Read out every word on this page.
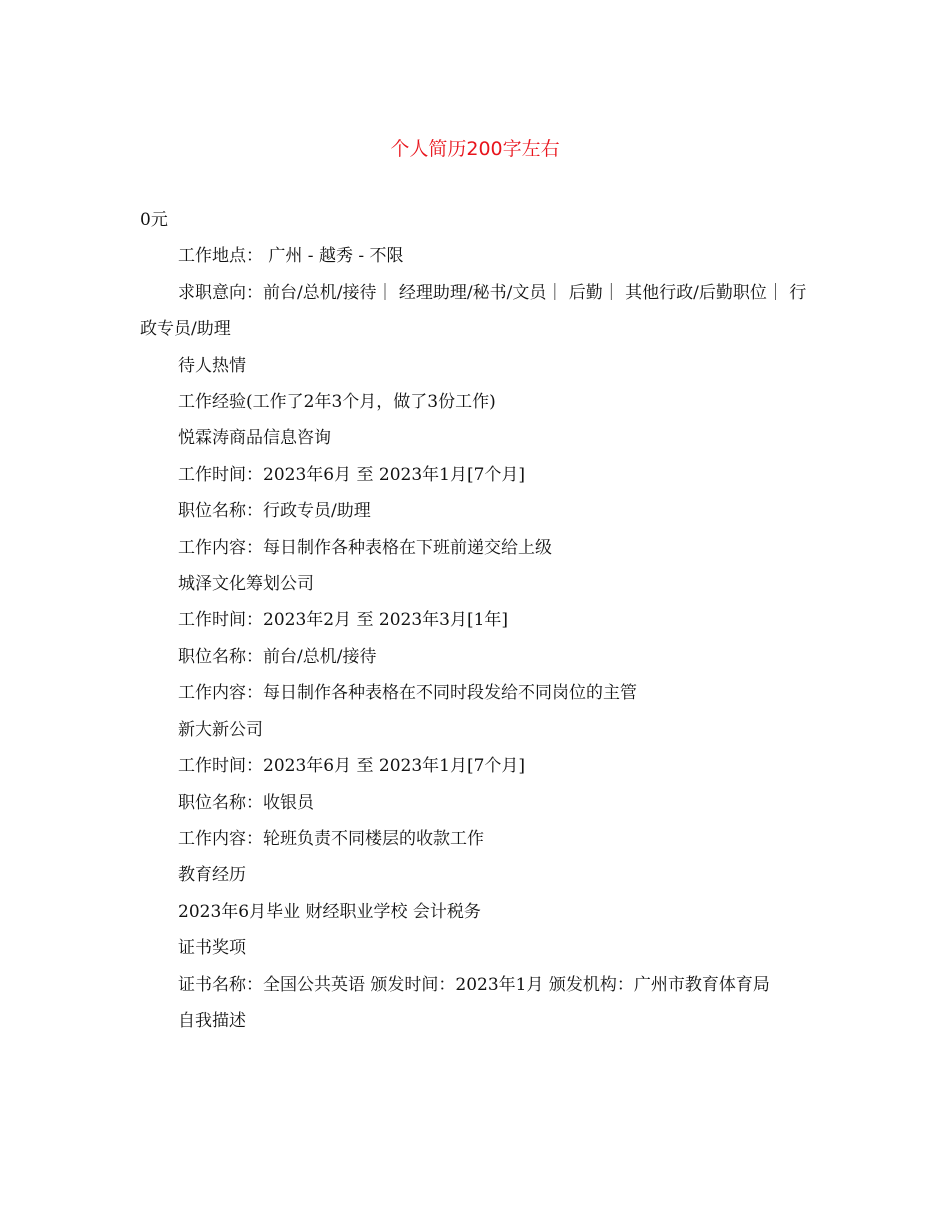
个人简历200字左右

0元

工作地点： 广州 - 越秀 - 不限

求职意向：前台/总机/接待｜ 经理助理/秘书/文员｜ 后勤｜ 其他行政/后勤职位｜ 行政专员/助理

待人热情

工作经验(工作了2年3个月，做了3份工作)

悦霖涛商品信息咨询

工作时间：2023年6月 至 2023年1月[7个月]

职位名称：行政专员/助理

工作内容：每日制作各种表格在下班前递交给上级

城泽文化筹划公司

工作时间：2023年2月 至 2023年3月[1年]

职位名称：前台/总机/接待

工作内容：每日制作各种表格在不同时段发给不同岗位的主管

新大新公司

工作时间：2023年6月 至 2023年1月[7个月]

职位名称：收银员

工作内容：轮班负责不同楼层的收款工作

教育经历

2023年6月毕业 财经职业学校 会计税务

证书奖项

证书名称：全国公共英语 颁发时间：2023年1月 颁发机构：广州市教育体育局

自我描述
